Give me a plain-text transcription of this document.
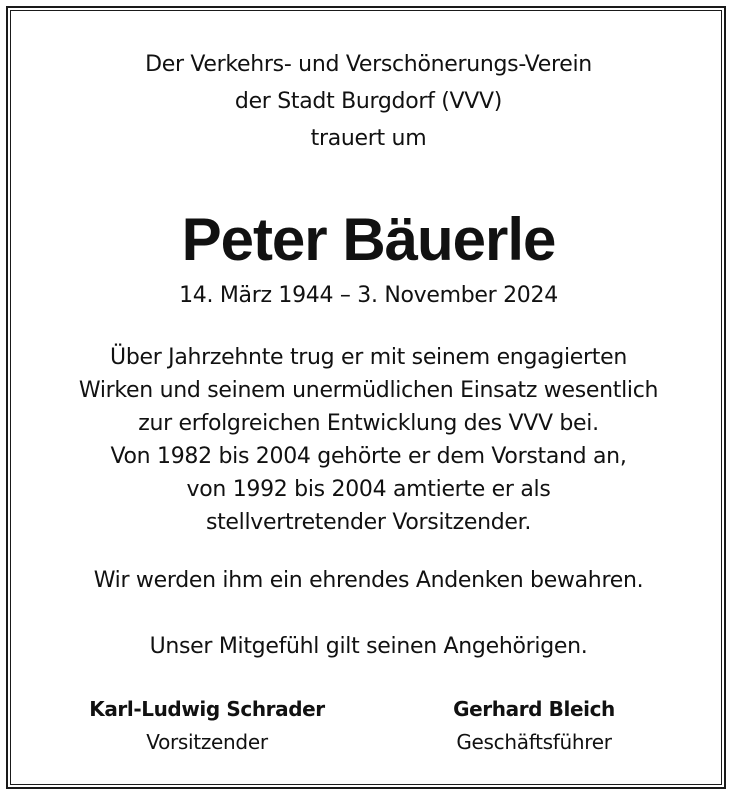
Der Verkehrs- und Verschönerungs-Verein
der Stadt Burgdorf (VVV)
trauert um
Peter Bäuerle
14. März 1944 – 3. November 2024
Über Jahrzehnte trug er mit seinem engagierten
Wirken und seinem unermüdlichen Einsatz wesentlich
zur erfolgreichen Entwicklung des VVV bei.
Von 1982 bis 2004 gehörte er dem Vorstand an,
von 1992 bis 2004 amtierte er als
stellvertretender Vorsitzender.
Wir werden ihm ein ehrendes Andenken bewahren.
Unser Mitgefühl gilt seinen Angehörigen.
Karl-Ludwig Schrader
Vorsitzender
Gerhard Bleich
Geschäftsführer
